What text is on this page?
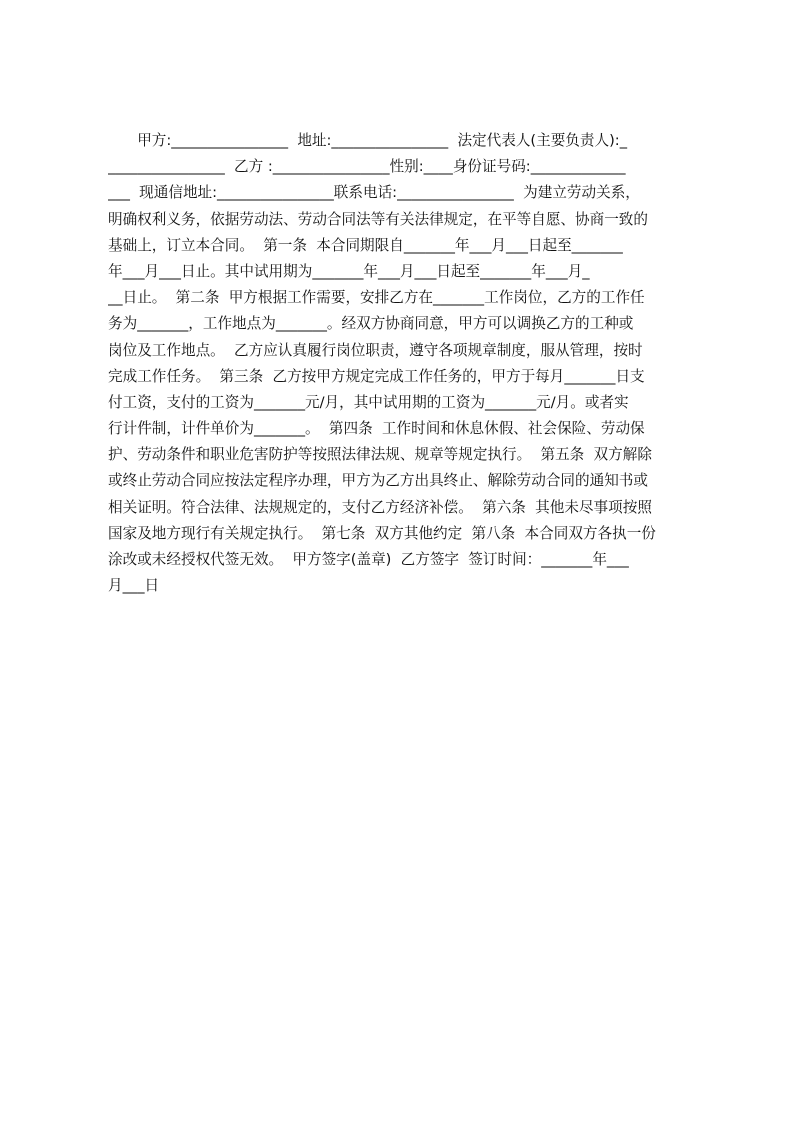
　　甲方:________________  地址:________________  法定代表人(主要负责人):_
________________  乙方 :________________性别:____身份证号码:_____________
___  现通信地址:________________联系电话:________________  为建立劳动关系，
明确权利义务，依据劳动法、劳动合同法等有关法律规定，在平等自愿、协商一致的
基础上，订立本合同。  第一条  本合同期限自_______年___月___日起至_______
年___月___日止。其中试用期为_______年___月___日起至_______年___月_
__日止。  第二条  甲方根据工作需要，安排乙方在_______工作岗位，乙方的工作任
务为_______，工作地点为_______。经双方协商同意，甲方可以调换乙方的工种或
岗位及工作地点。  乙方应认真履行岗位职责，遵守各项规章制度，服从管理，按时
完成工作任务。  第三条  乙方按甲方规定完成工作任务的，甲方于每月_______日支
付工资，支付的工资为_______元/月，其中试用期的工资为_______元/月。或者实
行计件制，计件单价为_______。  第四条  工作时间和休息休假、社会保险、劳动保
护、劳动条件和职业危害防护等按照法律法规、规章等规定执行。  第五条  双方解除
或终止劳动合同应按法定程序办理，甲方为乙方出具终止、解除劳动合同的通知书或
相关证明。符合法律、法规规定的，支付乙方经济补偿。  第六条  其他未尽事项按照
国家及地方现行有关规定执行。  第七条  双方其他约定  第八条  本合同双方各执一份
涂改或未经授权代签无效。  甲方签字(盖章)  乙方签字  签订时间：_______年___
月___日
